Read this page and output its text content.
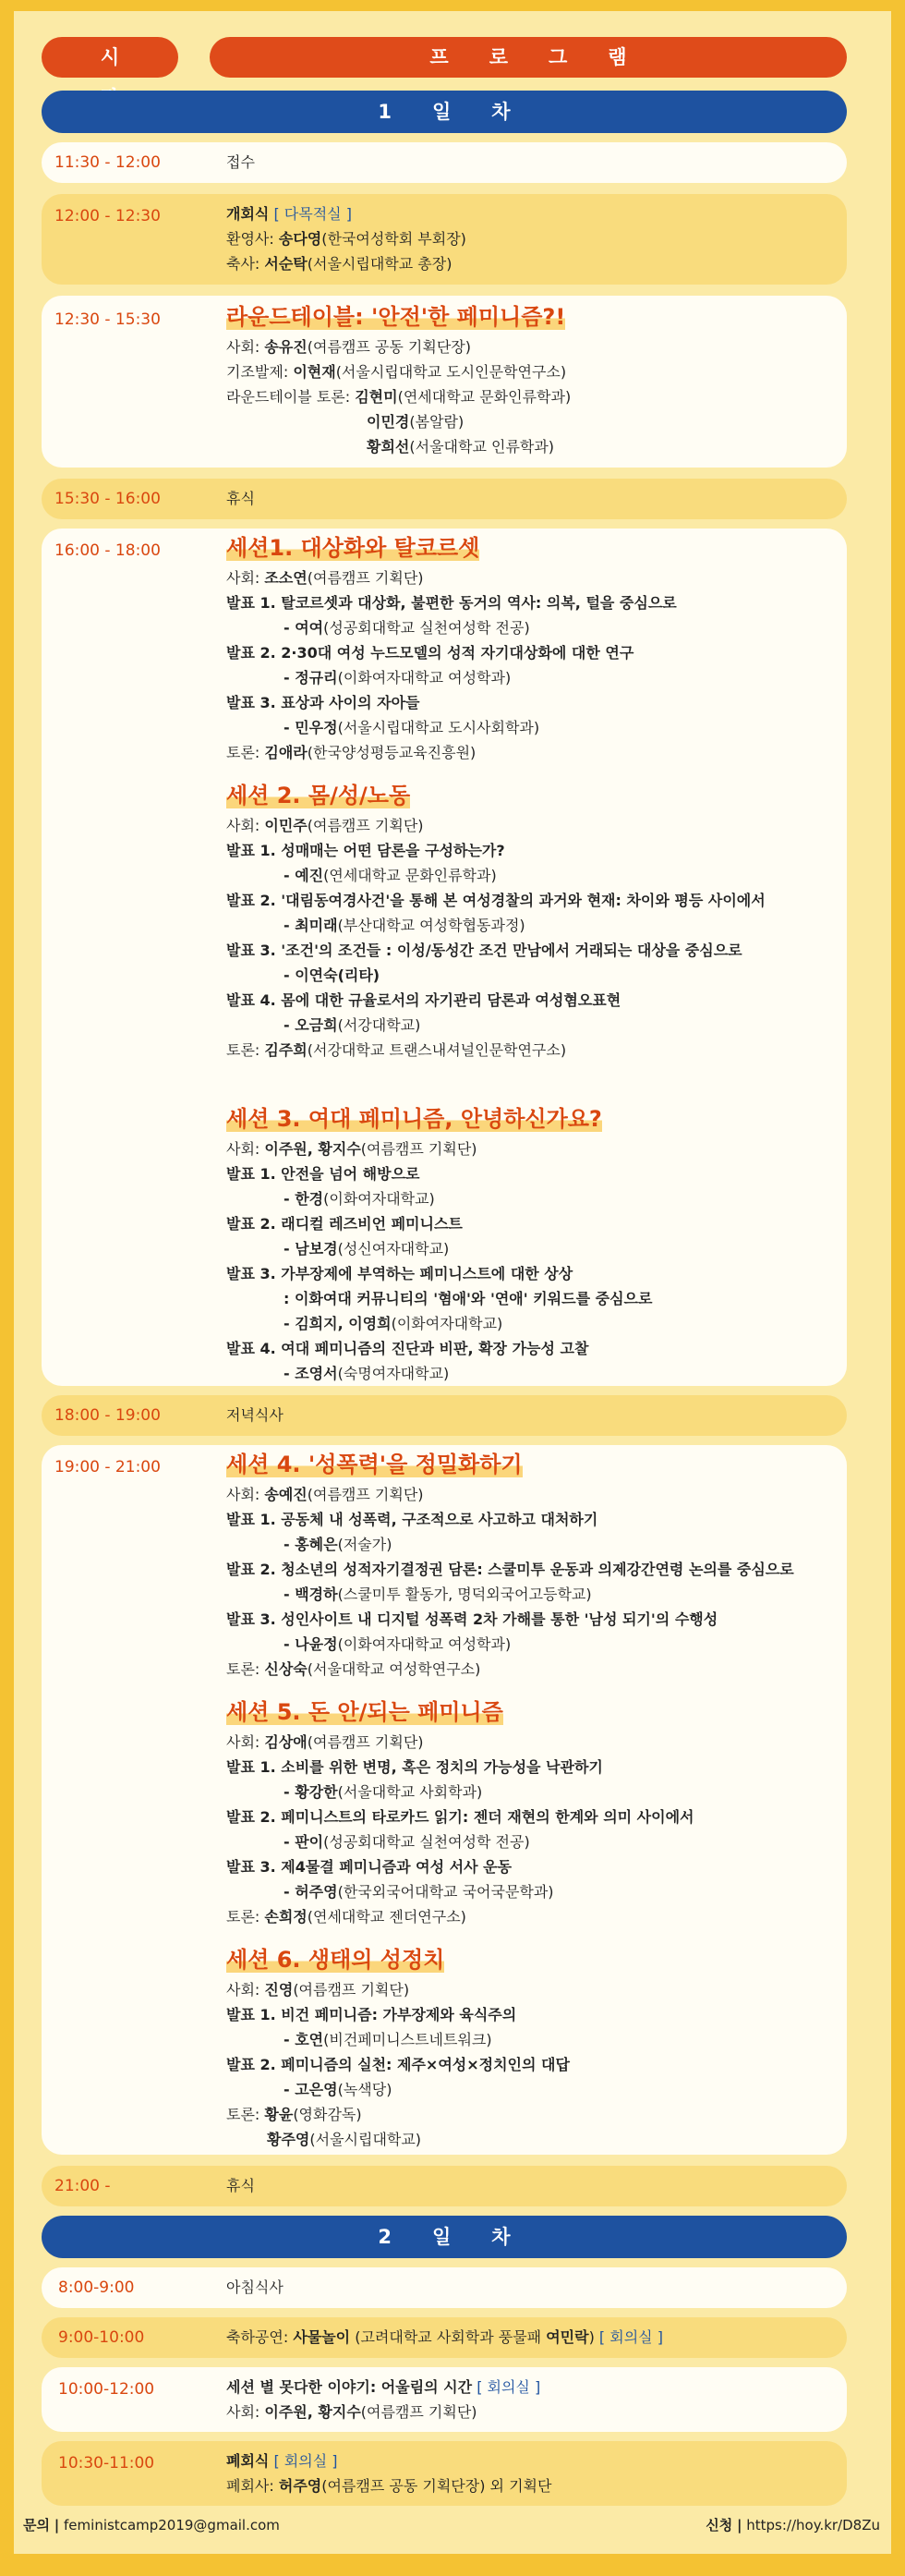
시	프로그램
1일차
11:30 - 12:00	접수
12:00 - 12:30	개회식 [ 다목적실 ]
환영사: 송다영(한국여성학회 부회장)
축사: 서순탁(서울시립대학교 총장)
12:30 - 15:30	라운드테이블: '안전'한 페미니즘?!
사회: 송유진(여름캠프 공동 기획단장)
기조발제: 이현재(서울시립대학교 도시인문학연구소)
라운드테이블 토론: 김현미(연세대학교 문화인류학과)
이민경(봄알람)
황희선(서울대학교 인류학과)
15:30 - 16:00	휴식
16:00 - 18:00	세션1. 대상화와 탈코르셋
사회: 조소연(여름캠프 기획단)
발표 1. 탈코르셋과 대상화, 불편한 동거의 역사: 의복, 털을 중심으로
- 여여(성공회대학교 실천여성학 전공)
발표 2. 2·30대 여성 누드모델의 성적 자기대상화에 대한 연구
- 정규리(이화여자대학교 여성학과)
발표 3. 표상과 사이의 자아들
- 민우정(서울시립대학교 도시사회학과)
토론: 김애라(한국양성평등교육진흥원)
세션 2. 몸/성/노동
사회: 이민주(여름캠프 기획단)
발표 1. 성매매는 어떤 담론을 구성하는가?
- 예진(연세대학교 문화인류학과)
발표 2. '대림동여경사건'을 통해 본 여성경찰의 과거와 현재: 차이와 평등 사이에서
- 최미래(부산대학교 여성학협동과정)
발표 3. '조건'의 조건들 : 이성/동성간 조건 만남에서 거래되는 대상을 중심으로
- 이연숙(리타)
발표 4. 몸에 대한 규율로서의 자기관리 담론과 여성혐오표현
- 오금희(서강대학교)
토론: 김주희(서강대학교 트랜스내셔널인문학연구소)
세션 3. 여대 페미니즘, 안녕하신가요?
사회: 이주원, 황지수(여름캠프 기획단)
발표 1. 안전을 넘어 해방으로
- 한경(이화여자대학교)
발표 2. 래디컬 레즈비언 페미니스트
- 남보경(성신여자대학교)
발표 3. 가부장제에 부역하는 페미니스트에 대한 상상
: 이화여대 커뮤니티의 '혐애'와 '연애' 키워드를 중심으로
- 김희지, 이영희(이화여자대학교)
발표 4. 여대 페미니즘의 진단과 비판, 확장 가능성 고찰
- 조영서(숙명여자대학교)
18:00 - 19:00	저녁식사
19:00 - 21:00	세션 4. '성폭력'을 정밀화하기
사회: 송예진(여름캠프 기획단)
발표 1. 공동체 내 성폭력, 구조적으로 사고하고 대처하기
- 홍혜은(저술가)
발표 2. 청소년의 성적자기결정권 담론: 스쿨미투 운동과 의제강간연령 논의를 중심으로
- 백경하(스쿨미투 활동가, 명덕외국어고등학교)
발표 3. 성인사이트 내 디지털 성폭력 2차 가해를 통한 '남성 되기'의 수행성
- 나윤정(이화여자대학교 여성학과)
토론: 신상숙(서울대학교 여성학연구소)
세션 5. 돈 안/되는 페미니즘
사회: 김상애(여름캠프 기획단)
발표 1. 소비를 위한 변명, 혹은 정치의 가능성을 낙관하기
- 황강한(서울대학교 사회학과)
발표 2. 페미니스트의 타로카드 읽기: 젠더 재현의 한계와 의미 사이에서
- 판이(성공회대학교 실천여성학 전공)
발표 3. 제4물결 페미니즘과 여성 서사 운동
- 허주영(한국외국어대학교 국어국문학과)
토론: 손희정(연세대학교 젠더연구소)
세션 6. 생태의 성정치
사회: 진영(여름캠프 기획단)
발표 1. 비건 페미니즘: 가부장제와 육식주의
- 호연(비건페미니스트네트워크)
발표 2. 페미니즘의 실천: 제주×여성×정치인의 대답
- 고은영(녹색당)
토론: 황윤(영화감독)
황주영(서울시립대학교)
21:00 -	휴식
2일차
8:00-9:00	아침식사
9:00-10:00	축하공연: 사물놀이 (고려대학교 사회학과 풍물패 여민락) [ 회의실 ]
10:00-12:00	세션 별 못다한 이야기: 어울림의 시간 [ 회의실 ]
사회: 이주원, 황지수(여름캠프 기획단)
10:30-11:00	폐회식 [ 회의실 ]
폐회사: 허주영(여름캠프 공동 기획단장) 외 기획단
문의 | feministcamp2019@gmail.com	신청 | https://hoy.kr/D8Zu
